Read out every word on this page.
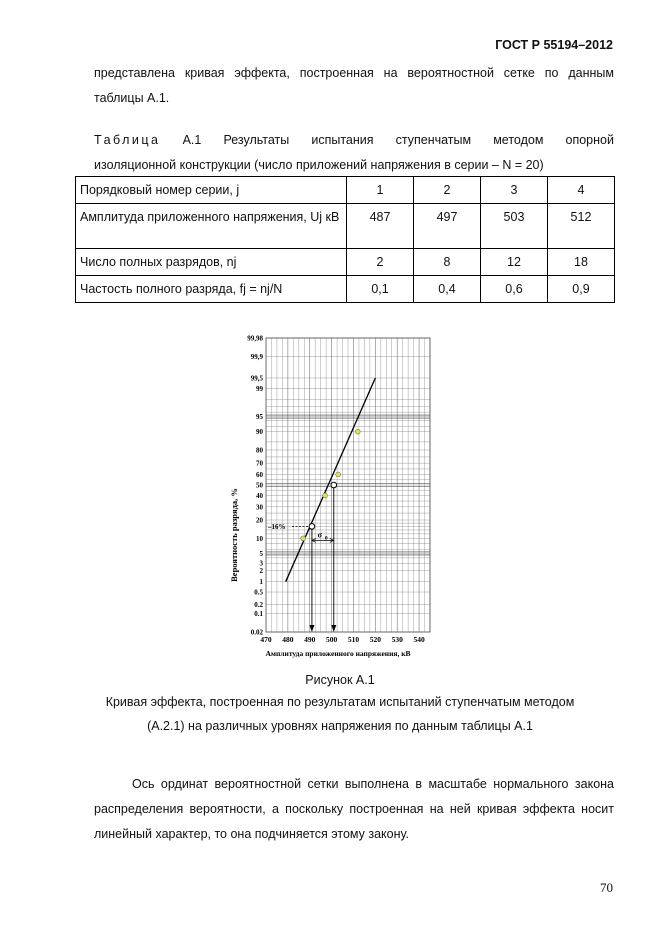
ГОСТ Р 55194–2012
представлена кривая эффекта, построенная на вероятностной сетке по данным таблицы А.1.
Таблица А.1 Результаты испытания ступенчатым методом опорной
изоляционной конструкции (число приложений напряжения в серии – N = 20)
Порядковый номер серии, j	1	2	3	4
Амплитуда приложенного напряжения, Uj кВ	487	497	503	512
Число полных разрядов, nj	2	8	12	18
Частость полного разряда, fj = nj/N	0,1	0,4	0,6	0,9
99,98
99,9
99,5
99
95
90
80
70
60
50
40
30
20
10
5
3
2
1
0.5
0.2
0.1
0.02
470 480 490 500 510 520 530 540
–16%
σ 0
Вероятность разряда, %
Амплитуда приложенного напряжения, кВ
Рисунок А.1
Кривая эффекта, построенная по результатам испытаний ступенчатым методом
(А.2.1) на различных уровнях напряжения по данным таблицы А.1
Ось ординат вероятностной сетки выполнена в масштабе нормального закона распределения вероятности, а поскольку построенная на ней кривая эффекта носит линейный характер, то она подчиняется этому закону.
70
